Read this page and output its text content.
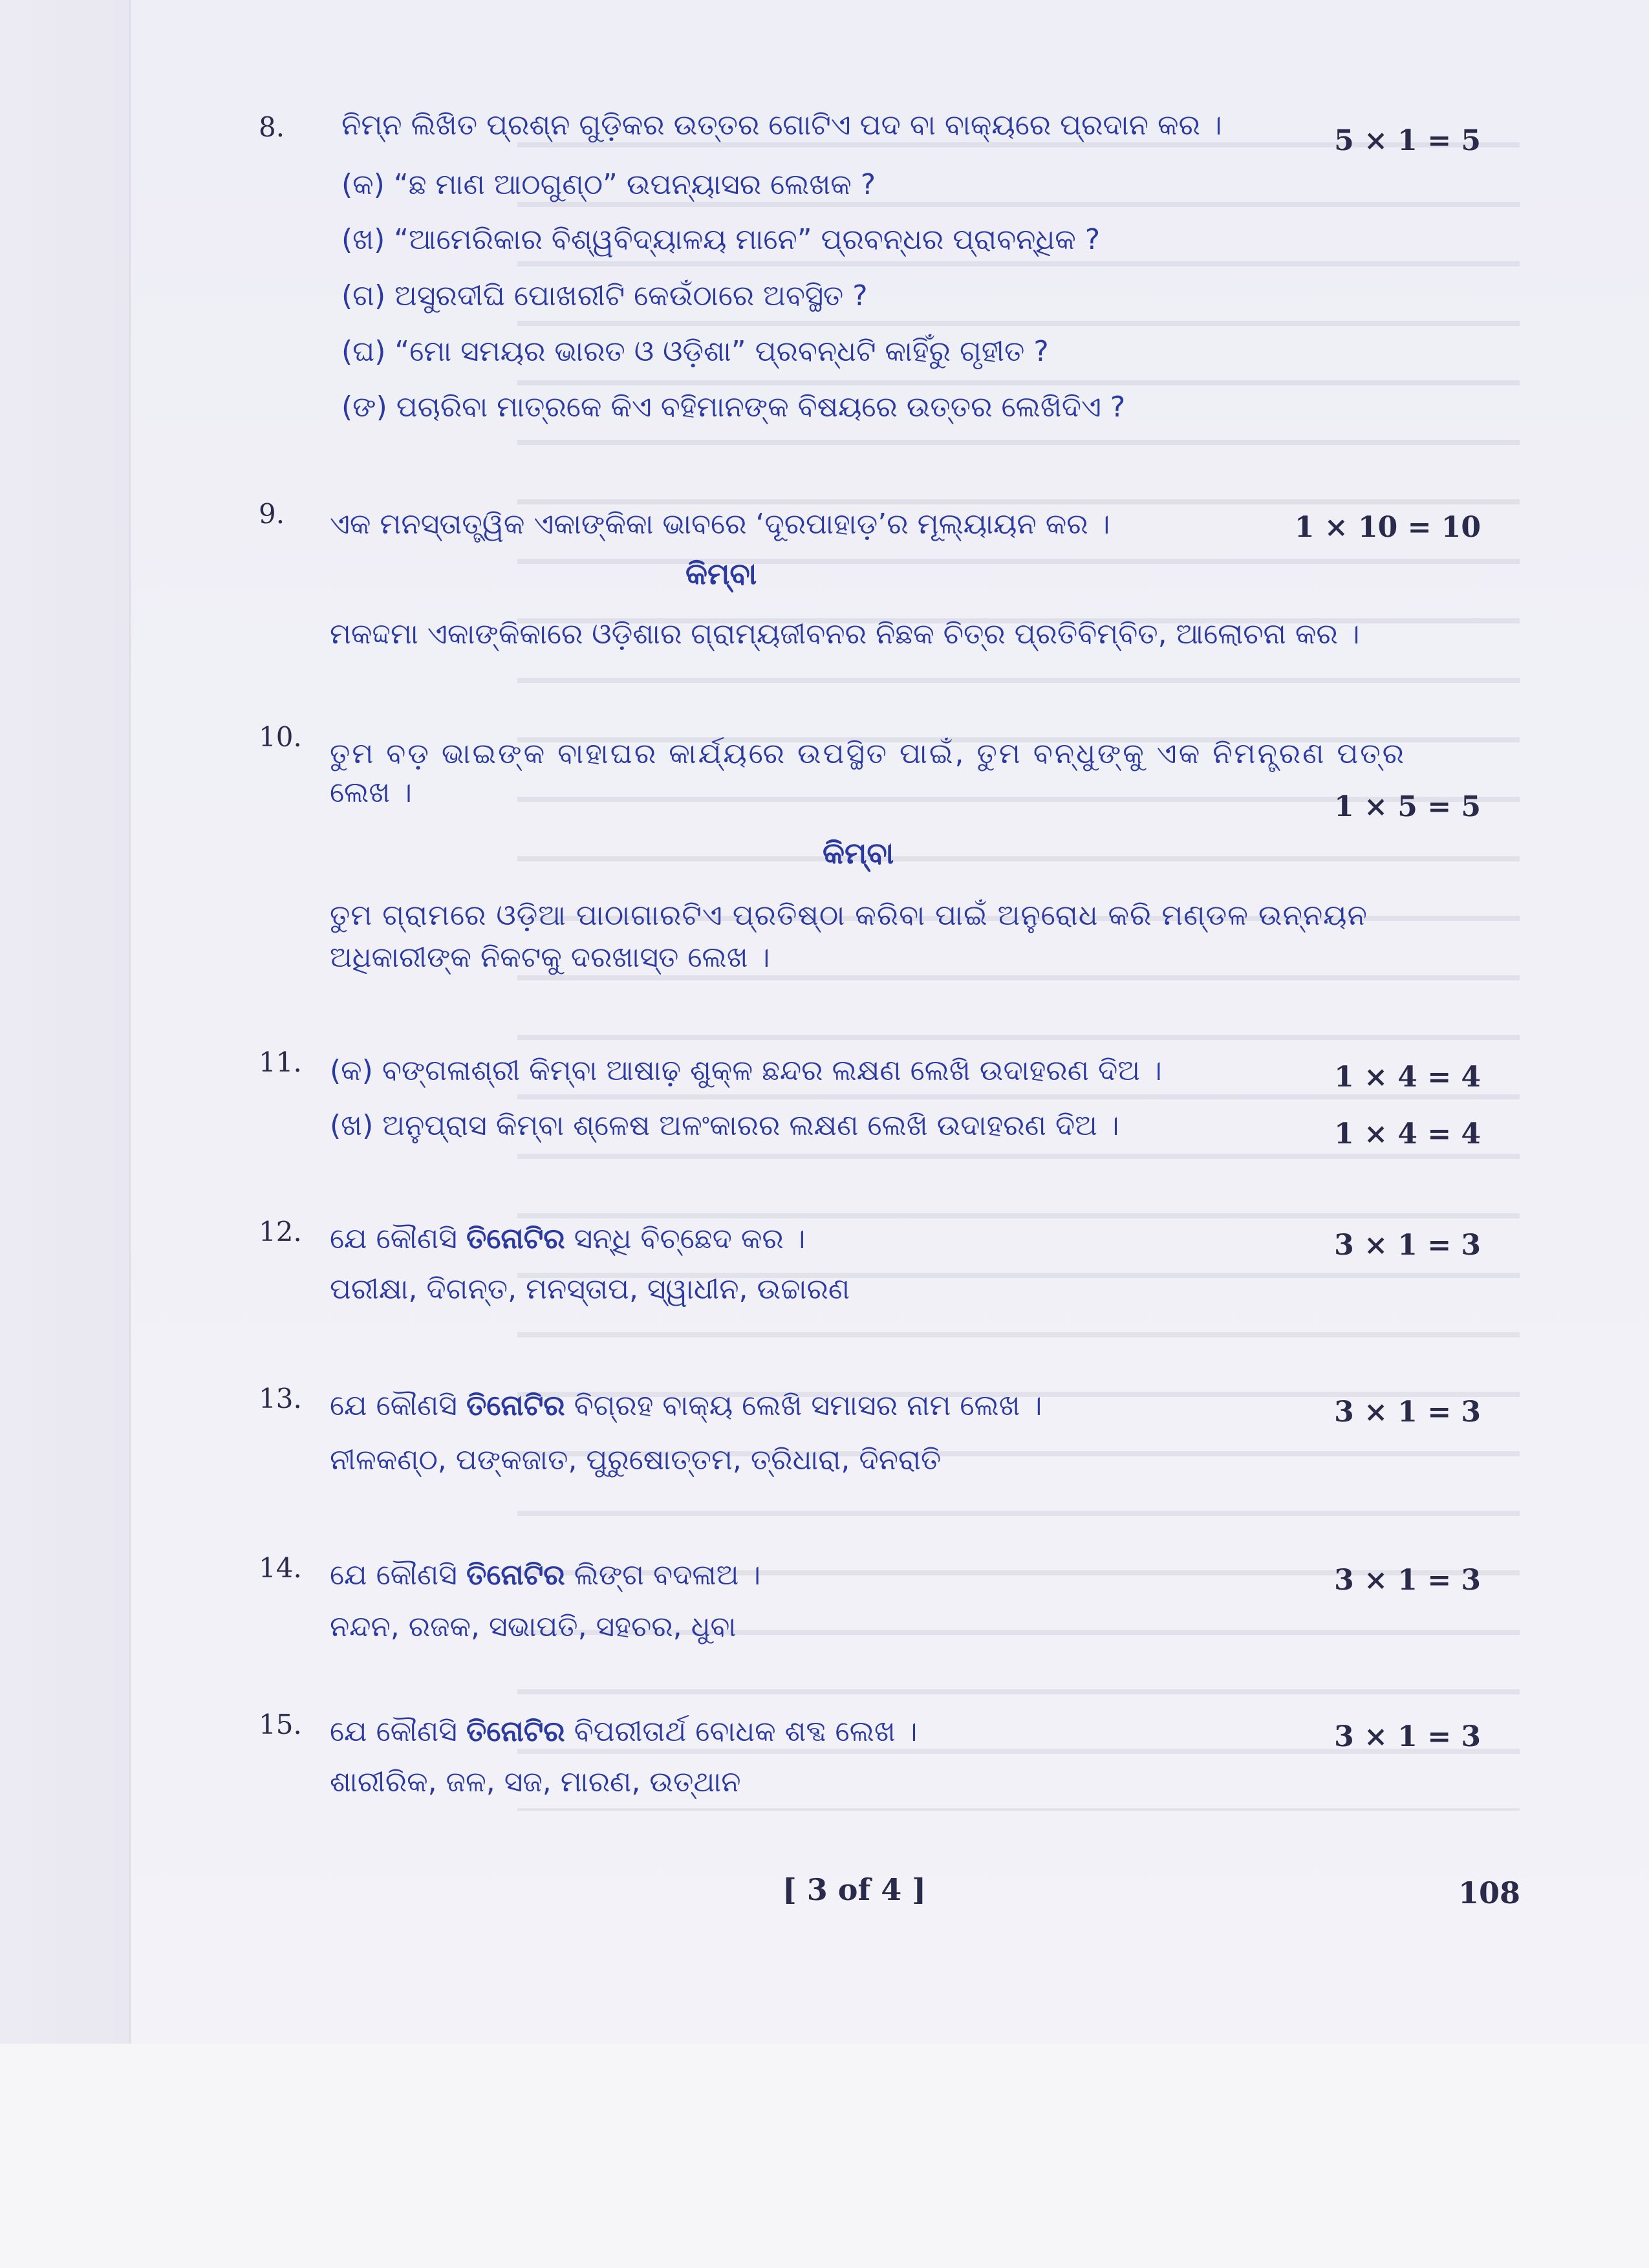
8. ନିମ୍ନ ଲିଖିତ ପ୍ରଶ୍ନ ଗୁଡ଼ିକର ଉତ୍ତର ଗୋଟିଏ ପଦ ବା ବାକ୍ୟରେ ପ୍ରଦାନ କର ।	5 × 1 = 5
(କ) “ଛ ମାଣ ଆଠଗୁଣ୍ଠ” ଉପନ୍ୟାସର ଲେଖକ ?
(ଖ) “ଆମେରିକାର ବିଶ୍ୱବିଦ୍ୟାଳୟ ମାନେ” ପ୍ରବନ୍ଧର ପ୍ରାବନ୍ଧିକ ?
(ଗ) ଅସୁରଦୀଘି ପୋଖରୀଟି କେଉଁଠାରେ ଅବସ୍ଥିତ ?
(ଘ) “ମୋ ସମୟର ଭାରତ ଓ ଓଡ଼ିଶା” ପ୍ରବନ୍ଧଟି କାହିଁରୁ ଗୃହୀତ ?
(ଙ) ପଚାରିବା ମାତ୍ରକେ କିଏ ବହିମାନଙ୍କ ବିଷୟରେ ଉତ୍ତର ଲେଖିଦିଏ ?
9. ଏକ ମନସ୍ତାତ୍ତ୍ୱିକ ଏକାଙ୍କିକା ଭାବରେ ‘ଦୂରପାହାଡ଼’ର ମୂଲ୍ୟାୟନ କର ।	1 × 10 = 10
କିମ୍ବା
ମକଦ୍ଦମା ଏକାଙ୍କିକାରେ ଓଡ଼ିଶାର ଗ୍ରାମ୍ୟଜୀବନର ନିଛକ ଚିତ୍ର ପ୍ରତିବିମ୍ବିତ, ଆଲୋଚନା କର ।
10.
ତୁମ ବଡ଼ ଭାଇଙ୍କ ବାହାଘର କାର୍ଯ୍ୟରେ ଉପସ୍ଥିତ ପାଇଁ, ତୁମ ବନ୍ଧୁଙ୍କୁ ଏକ ନିମନ୍ତ୍ରଣ ପତ୍ର
ଲେଖ ।	1 × 5 = 5
କିମ୍ବା
ତୁମ ଗ୍ରାମରେ ଓଡ଼ିଆ ପାଠାଗାରଟିଏ ପ୍ରତିଷ୍ଠା କରିବା ପାଇଁ ଅନୁରୋଧ କରି ମଣ୍ଡଳ ଉନ୍ନୟନ
ଅଧିକାରୀଙ୍କ ନିକଟକୁ ଦରଖାସ୍ତ ଲେଖ ।
11. (କ) ବଙ୍ଗଳାଶ୍ରୀ କିମ୍ବା ଆଷାଢ଼ ଶୁକ୍ଳ ଛନ୍ଦର ଲକ୍ଷଣ ଲେଖି ଉଦାହରଣ ଦିଅ ।	1 × 4 = 4
(ଖ) ଅନୁପ୍ରାସ କିମ୍ବା ଶ୍ଳେଷ ଅଳଂକାରର ଲକ୍ଷଣ ଲେଖି ଉଦାହରଣ ଦିଅ ।	1 × 4 = 4
12. ଯେ କୌଣସି ତିନୋଟିର ସନ୍ଧି ବିଚ୍ଛେଦ କର ।	3 × 1 = 3
ପରୀକ୍ଷା, ଦିଗନ୍ତ, ମନସ୍ତାପ, ସ୍ୱାଧୀନ, ଉଚ୍ଚାରଣ
13. ଯେ କୌଣସି ତିନୋଟିର ବିଗ୍ରହ ବାକ୍ୟ ଲେଖି ସମାସର ନାମ ଲେଖ ।	3 × 1 = 3
ନୀଳକଣ୍ଠ, ପଙ୍କଜାତ, ପୁରୁଷୋତ୍ତମ, ତ୍ରିଧାରା, ଦିନରାତି
14. ଯେ କୌଣସି ତିନୋଟିର ଲିଙ୍ଗ ବଦଳାଅ ।	3 × 1 = 3
ନନ୍ଦନ, ରଜକ, ସଭାପତି, ସହଚର, ଧୁବା
15. ଯେ କୌଣସି ତିନୋଟିର ବିପରୀତାର୍ଥ ବୋଧକ ଶବ୍ଦ ଲେଖ ।	3 × 1 = 3
ଶାରୀରିକ, ଜଳ, ସଜ, ମାରଣ, ଉତ୍‌ଥାନ
[ 3 of 4 ]	108
